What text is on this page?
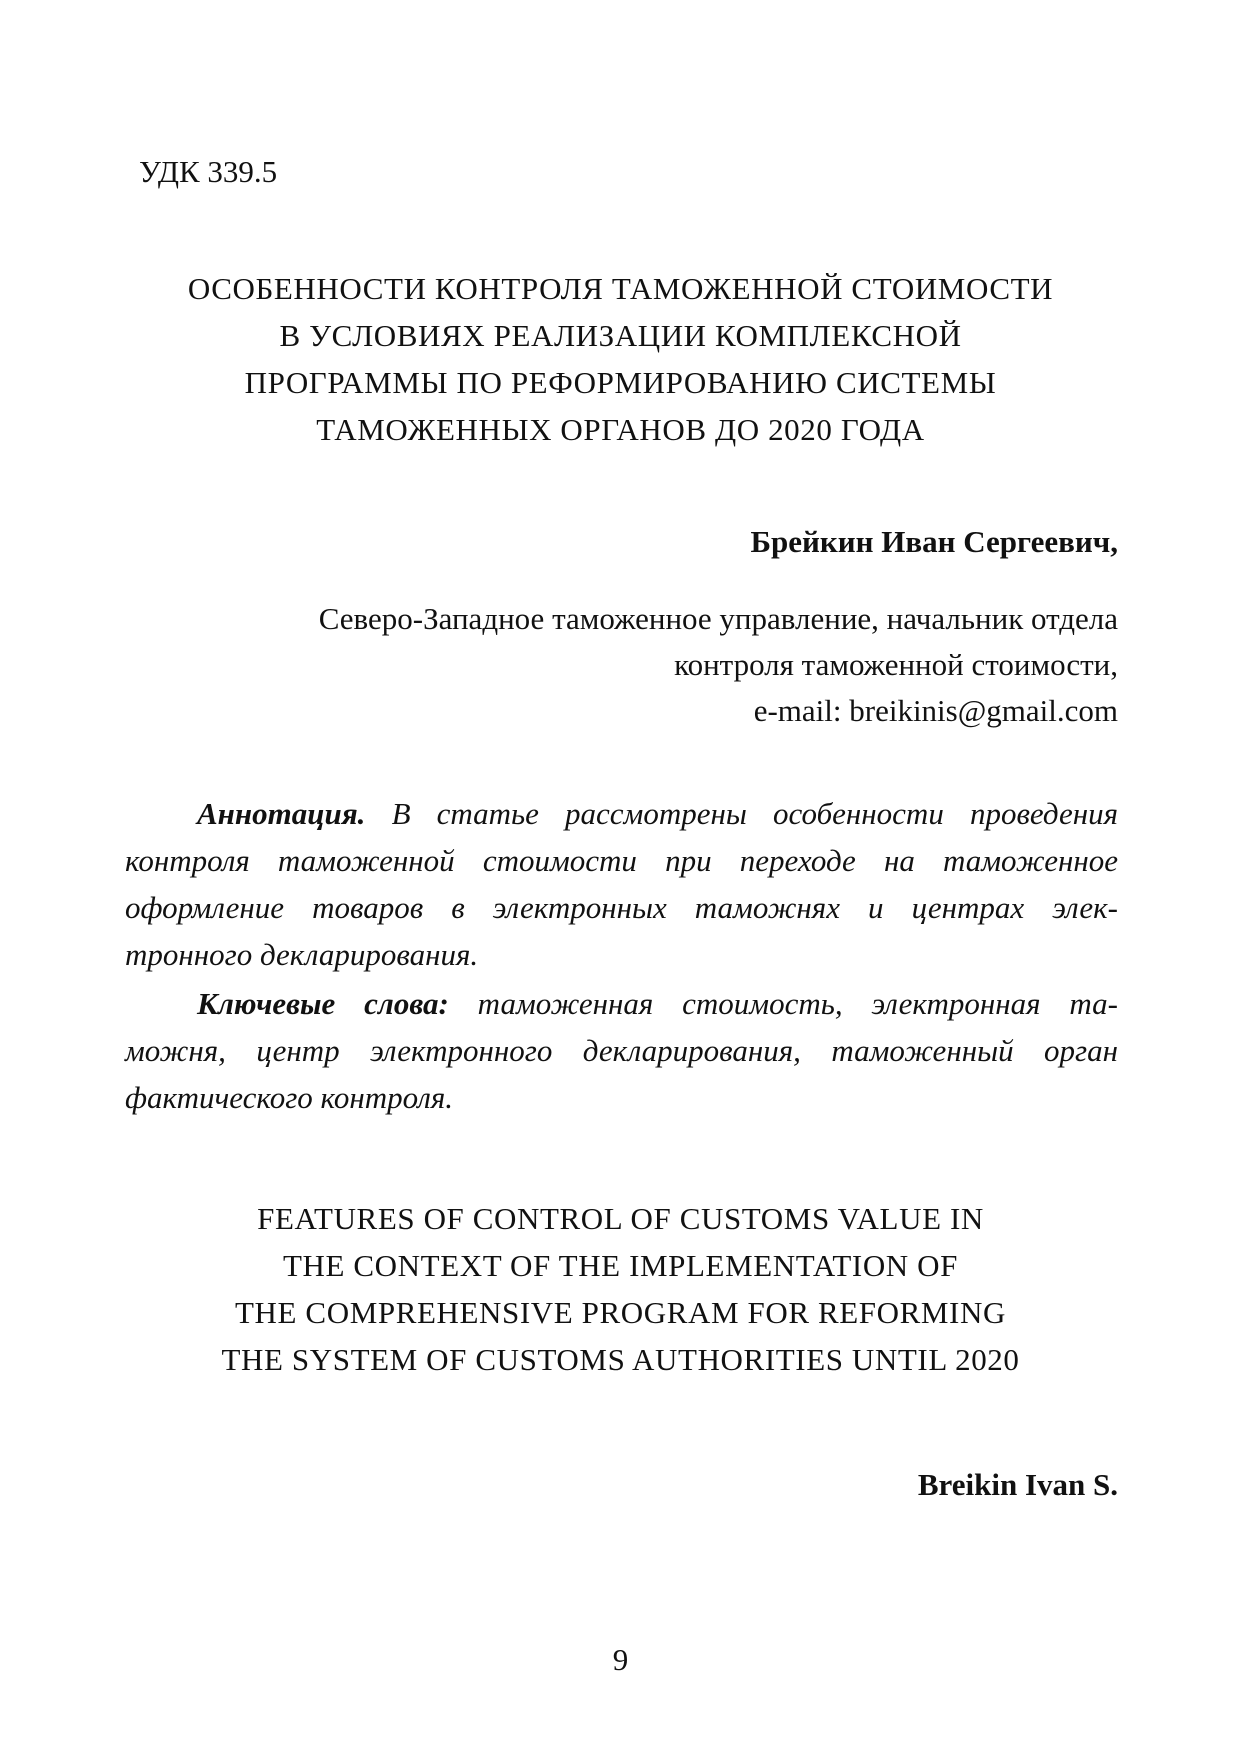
УДК 339.5
ОСОБЕННОСТИ КОНТРОЛЯ ТАМОЖЕННОЙ СТОИМОСТИ
В УСЛОВИЯХ РЕАЛИЗАЦИИ КОМПЛЕКСНОЙ
ПРОГРАММЫ ПО РЕФОРМИРОВАНИЮ СИСТЕМЫ
ТАМОЖЕННЫХ ОРГАНОВ ДО 2020 ГОДА
Брейкин Иван Сергеевич,
Северо-Западное таможенное управление, начальник отдела
контроля таможенной стоимости,
e-mail: breikinis@gmail.com
Аннотация. В статье рассмотрены особенности проведения
контроля таможенной стоимости при переходе на таможенное
оформление товаров в электронных таможнях и центрах элек-
тронного декларирования.
Ключевые слова: таможенная стоимость, электронная та-
можня, центр электронного декларирования, таможенный орган
фактического контроля.
FEATURES OF CONTROL OF CUSTOMS VALUE IN
THE CONTEXT OF THE IMPLEMENTATION OF
THE COMPREHENSIVE PROGRAM FOR REFORMING
THE SYSTEM OF CUSTOMS AUTHORITIES UNTIL 2020
Breikin Ivan S.
9
